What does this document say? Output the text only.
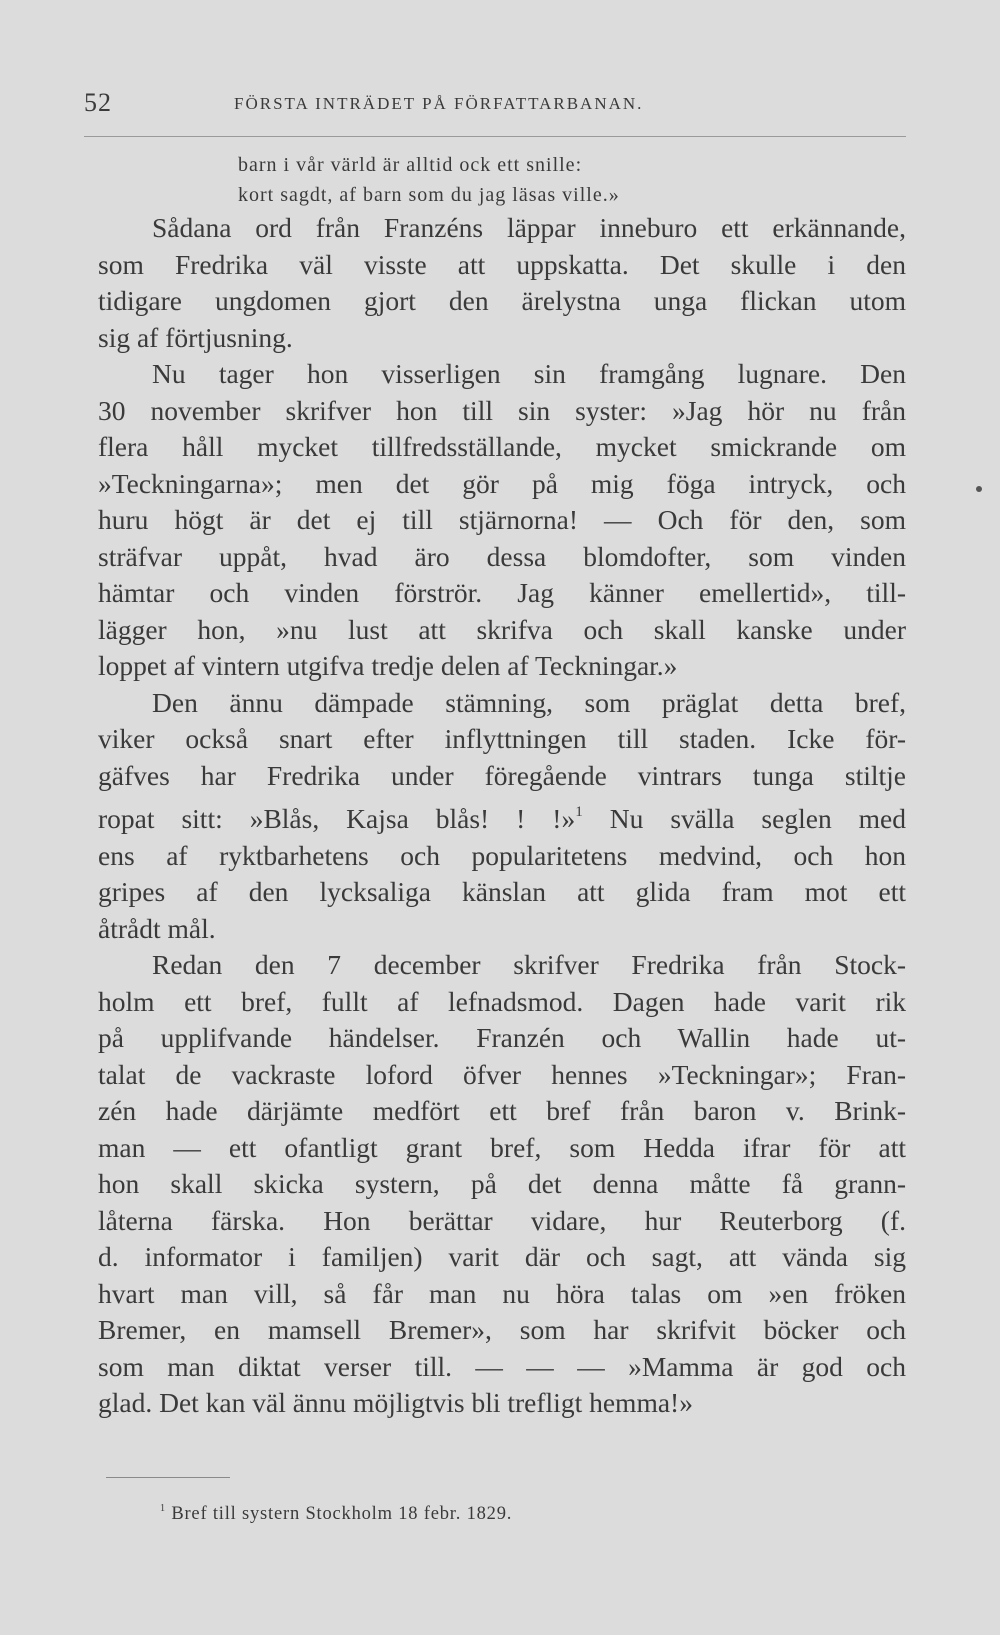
52	FÖRSTA INTRÄDET PÅ FÖRFATTARBANAN.
barn i vår värld är alltid ock ett snille:
kort sagdt, af barn som du jag läsas ville.»
Sådana ord från Franzéns läppar inneburo ett erkännande,
som Fredrika väl visste att uppskatta. Det skulle i den
tidigare ungdomen gjort den ärelystna unga flickan utom
sig af förtjusning.
Nu tager hon visserligen sin framgång lugnare. Den
30 november skrifver hon till sin syster: »Jag hör nu från
flera håll mycket tillfredsställande, mycket smickrande om
»Teckningarna»; men det gör på mig föga intryck, och
huru högt är det ej till stjärnorna! — Och för den, som
sträfvar uppåt, hvad äro dessa blomdofter, som vinden
hämtar och vinden förströr. Jag känner emellertid», till-
lägger hon, »nu lust att skrifva och skall kanske under
loppet af vintern utgifva tredje delen af Teckningar.»
Den ännu dämpade stämning, som präglat detta bref,
viker också snart efter inflyttningen till staden. Icke för-
gäfves har Fredrika under föregående vintrars tunga stiltje
ropat sitt: »Blås, Kajsa blås! ! !»$^1$ Nu svälla seglen med
ens af ryktbarhetens och popularitetens medvind, och hon
gripes af den lycksaliga känslan att glida fram mot ett
åtrådt mål.
Redan den 7 december skrifver Fredrika från Stock-
holm ett bref, fullt af lefnadsmod. Dagen hade varit rik
på upplifvande händelser. Franzén och Wallin hade ut-
talat de vackraste loford öfver hennes »Teckningar»; Fran-
zén hade därjämte medfört ett bref från baron v. Brink-
man — ett ofantligt grant bref, som Hedda ifrar för att
hon skall skicka systern, på det denna måtte få grann-
låterna färska. Hon berättar vidare, hur Reuterborg (f.
d. informator i familjen) varit där och sagt, att vända sig
hvart man vill, så får man nu höra talas om »en fröken
Bremer, en mamsell Bremer», som har skrifvit böcker och
som man diktat verser till. — — — »Mamma är god och
glad. Det kan väl ännu möjligtvis bli trefligt hemma!»
$^1$ Bref till systern Stockholm 18 febr. 1829.
